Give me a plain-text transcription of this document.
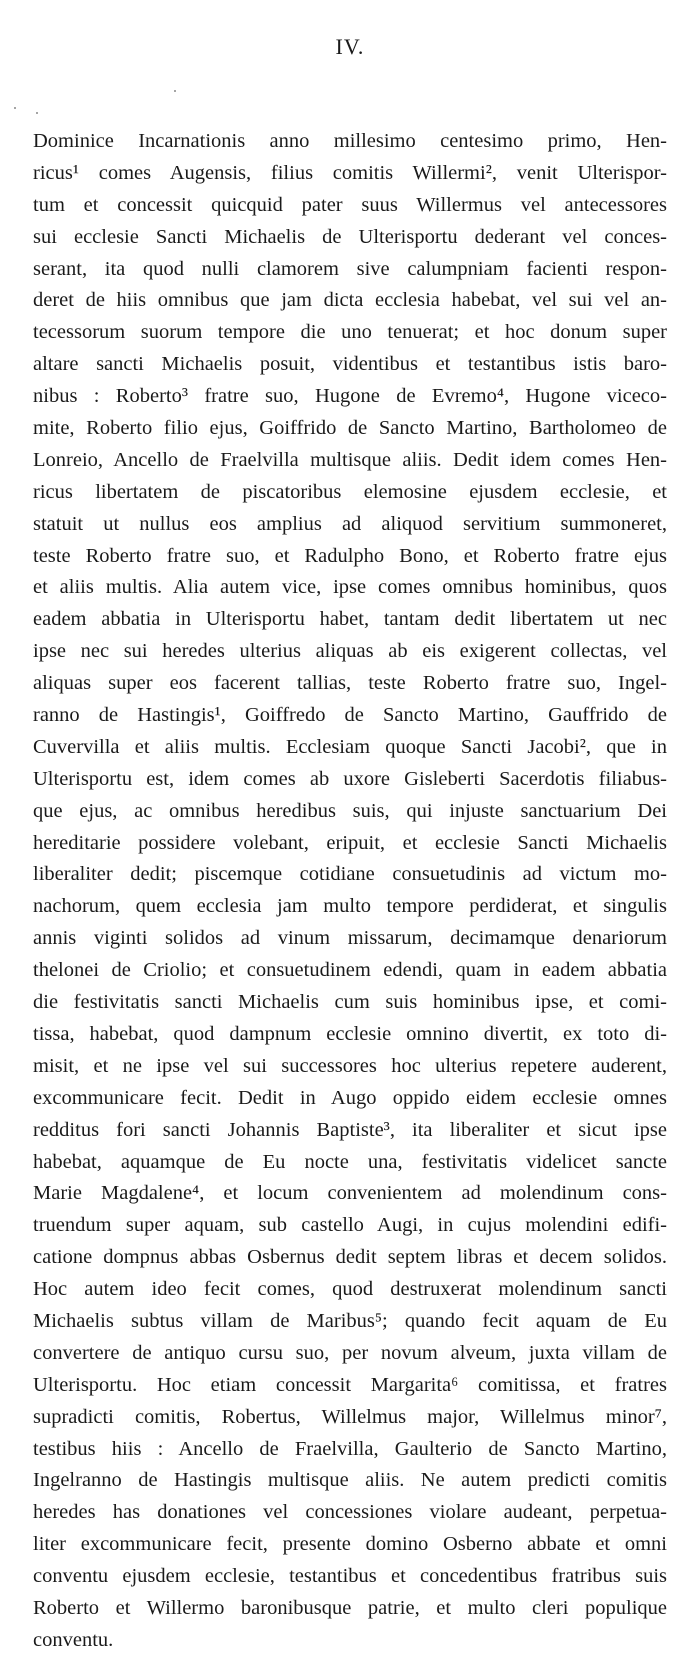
IV.
Dominice Incarnationis anno millesimo centesimo primo, Hen-
ricus¹ comes Augensis, filius comitis Willermi², venit Ulterispor-
tum et concessit quicquid pater suus Willermus vel antecessores
sui ecclesie Sancti Michaelis de Ulterisportu dederant vel conces-
serant, ita quod nulli clamorem sive calumpniam facienti respon-
deret de hiis omnibus que jam dicta ecclesia habebat, vel sui vel an-
tecessorum suorum tempore die uno tenuerat; et hoc donum super
altare sancti Michaelis posuit, videntibus et testantibus istis baro-
nibus : Roberto³ fratre suo, Hugone de Evremo⁴, Hugone viceco-
mite, Roberto filio ejus, Goiffrido de Sancto Martino, Bartholomeo de
Lonreio, Ancello de Fraelvilla multisque aliis. Dedit idem comes Hen-
ricus libertatem de piscatoribus elemosine ejusdem ecclesie, et
statuit ut nullus eos amplius ad aliquod servitium summoneret,
teste Roberto fratre suo, et Radulpho Bono, et Roberto fratre ejus
et aliis multis. Alia autem vice, ipse comes omnibus hominibus, quos
eadem abbatia in Ulterisportu habet, tantam dedit libertatem ut nec
ipse nec sui heredes ulterius aliquas ab eis exigerent collectas, vel
aliquas super eos facerent tallias, teste Roberto fratre suo, Ingel-
ranno de Hastingis¹, Goiffredo de Sancto Martino, Gauffrido de
Cuvervilla et aliis multis. Ecclesiam quoque Sancti Jacobi², que in
Ulterisportu est, idem comes ab uxore Gisleberti Sacerdotis filiabus-
que ejus, ac omnibus heredibus suis, qui injuste sanctuarium Dei
hereditarie possidere volebant, eripuit, et ecclesie Sancti Michaelis
liberaliter dedit; piscemque cotidiane consuetudinis ad victum mo-
nachorum, quem ecclesia jam multo tempore perdiderat, et singulis
annis viginti solidos ad vinum missarum, decimamque denariorum
thelonei de Criolio; et consuetudinem edendi, quam in eadem abbatia
die festivitatis sancti Michaelis cum suis hominibus ipse, et comi-
tissa, habebat, quod dampnum ecclesie omnino divertit, ex toto di-
misit, et ne ipse vel sui successores hoc ulterius repetere auderent,
excommunicare fecit. Dedit in Augo oppido eidem ecclesie omnes
redditus fori sancti Johannis Baptiste³, ita liberaliter et sicut ipse
habebat, aquamque de Eu nocte una, festivitatis videlicet sancte
Marie Magdalene⁴, et locum convenientem ad molendinum cons-
truendum super aquam, sub castello Augi, in cujus molendini edifi-
catione dompnus abbas Osbernus dedit septem libras et decem solidos.
Hoc autem ideo fecit comes, quod destruxerat molendinum sancti
Michaelis subtus villam de Maribus⁵; quando fecit aquam de Eu
convertere de antiquo cursu suo, per novum alveum, juxta villam de
Ulterisportu. Hoc etiam concessit Margarita⁶ comitissa, et fratres
supradicti comitis, Robertus, Willelmus major, Willelmus minor⁷,
testibus hiis : Ancello de Fraelvilla, Gaulterio de Sancto Martino,
Ingelranno de Hastingis multisque aliis. Ne autem predicti comitis
heredes has donationes vel concessiones violare audeant, perpetua-
liter excommunicare fecit, presente domino Osberno abbate et omni
conventu ejusdem ecclesie, testantibus et concedentibus fratribus suis
Roberto et Willermo baronibusque patrie, et multo cleri populique
conventu.
